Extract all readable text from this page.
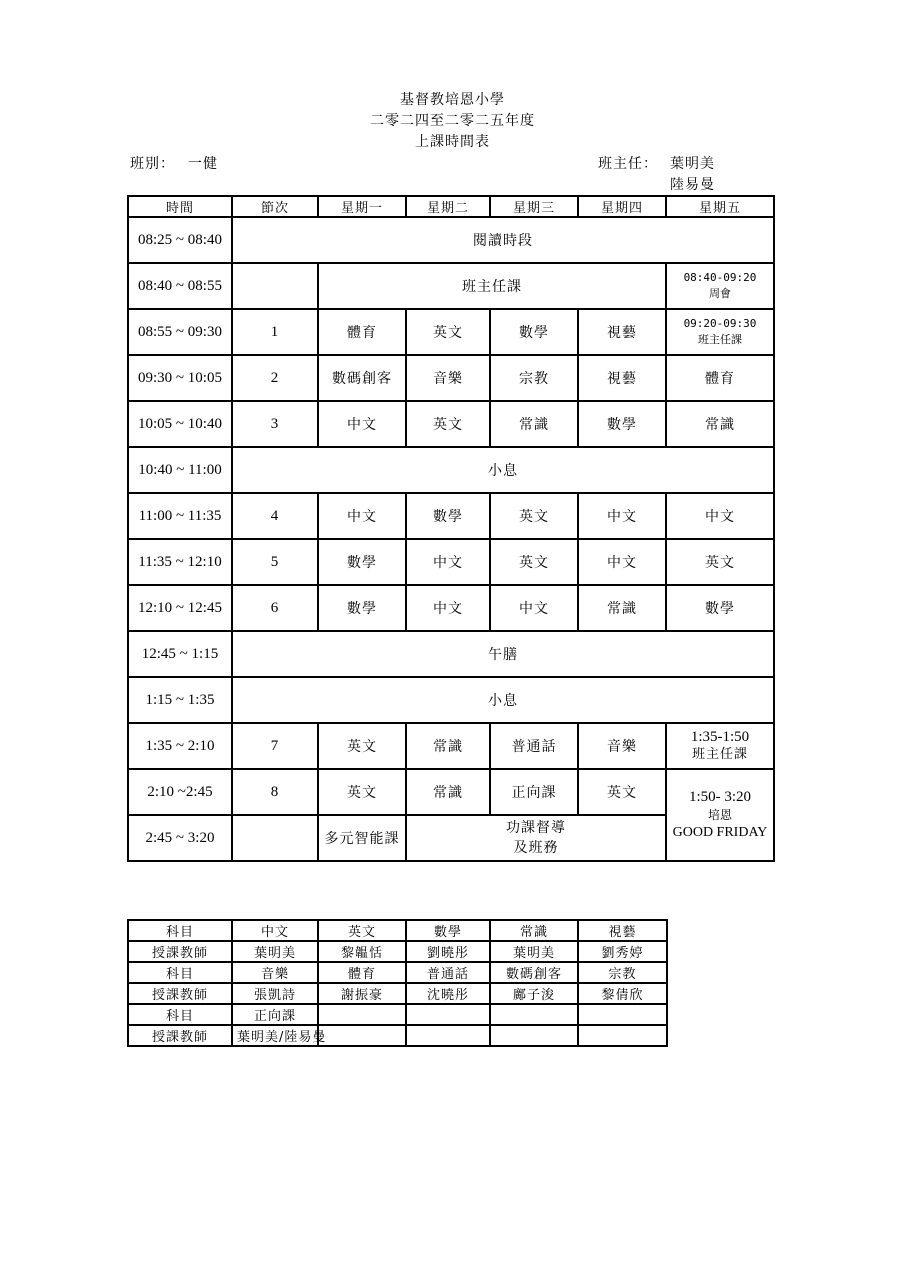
基督教培恩小學
二零二四至二零二五年度
上課時間表
班別： 一健	班主任： 葉明美
陸易曼
時間	節次	星期一	星期二	星期三	星期四	星期五
08:25 ~ 08:40	閱讀時段					
08:40 ~ 08:55		班主任課				08:40-09:20
周會

08:55 ~ 09:30	1	體育	英文	數學	視藝	09:20-09:30
班主任課

09:30 ~ 10:05	2	數碼創客	音樂	宗教	視藝	體育
10:05 ~ 10:40	3	中文	英文	常識	數學	常識
10:40 ~ 11:00	小息					
11:00 ~ 11:35	4	中文	數學	英文	中文	中文
11:35 ~ 12:10	5	數學	中文	英文	中文	英文
12:10 ~ 12:45	6	數學	中文	中文	常識	數學
12:45 ~ 1:15	午膳					
1:15 ~ 1:35	小息					
1:35 ~ 2:10	7	英文	常識	普通話	音樂	1:35-1:50
班主任課

2:10 ~2:45	8	英文	常識	正向課	英文	1:50- 3:20
培恩
GOOD FRIDAY

2:45 ~ 3:20		多元智能課	功課督導
及班務			
科目	中文	英文	數學	常識	視藝
授課教師	葉明美	黎韞恬	劉曉彤	葉明美	劉秀婷
科目	音樂	體育	普通話	數碼創客	宗教
授課教師	張凱詩	謝振豪	沈曉彤	鄺子浚	黎倩欣
科目	正向課				
授課教師	葉明美/陸易曼				
